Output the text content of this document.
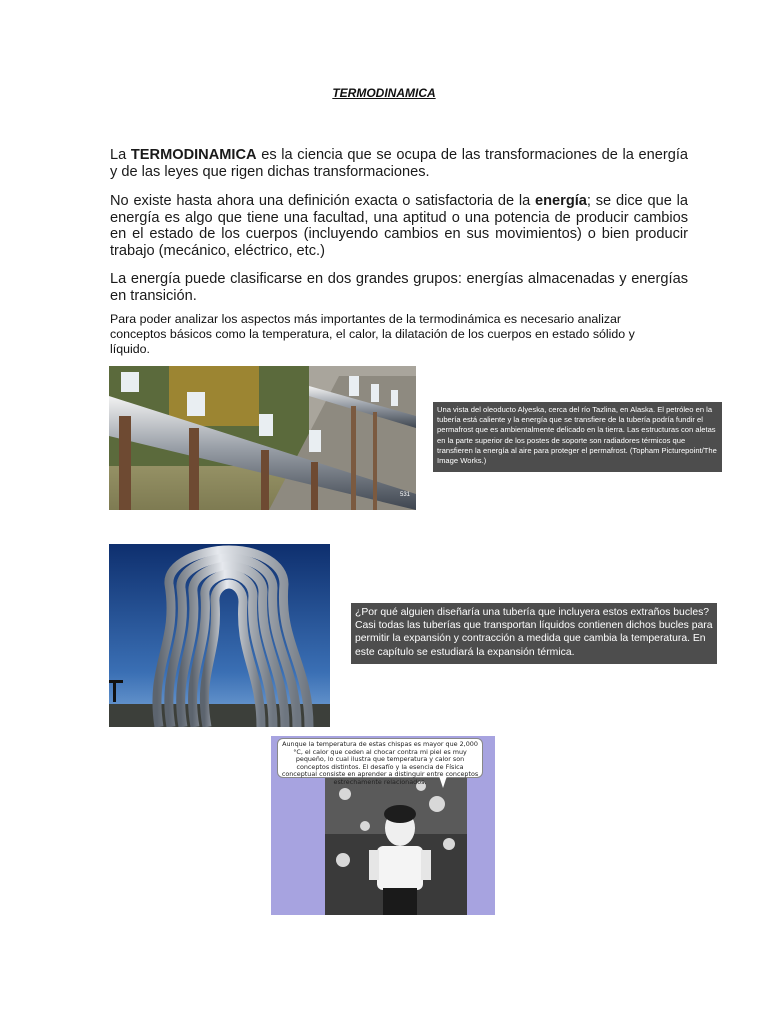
TERMODINAMICA
La TERMODINAMICA es la ciencia que se ocupa de las transformaciones de la energía y de las leyes que rigen dichas transformaciones.
No existe hasta ahora una definición exacta o satisfactoria de la energía; se dice que la energía es algo que tiene una facultad, una aptitud o una potencia de producir cambios en el estado de los cuerpos (incluyendo cambios en sus movimientos) o bien producir trabajo (mecánico, eléctrico, etc.)
La energía puede clasificarse en dos grandes grupos: energías almacenadas y energías en transición.
Para poder analizar los aspectos más importantes de la termodinámica es necesario analizar conceptos básicos como la temperatura, el calor, la dilatación de los cuerpos en estado sólido y líquido.
531
Una vista del oleoducto Alyeska, cerca del río Tazlina, en Alaska. El petróleo en la tubería está caliente y la energía que se transfiere de la tubería podría fundir el permafrost que es ambientalmente delicado en la tierra. Las estructuras con aletas en la parte superior de los postes de soporte son radiadores térmicos que transfieren la energía al aire para proteger el permafrost. (Topham Picturepoint/The Image Works.)
¿Por qué alguien diseñaría una tubería que incluyera estos extraños bucles? Casi todas las tuberías que transportan líquidos contienen dichos bucles para permitir la expansión y contracción a medida que cambia la temperatura. En este capítulo se estudiará la expansión térmica.
Aunque la temperatura de estas chispas es mayor que 2,000 °C, el calor que ceden al chocar contra mi piel es muy pequeño, lo cual ilustra que temperatura y calor son conceptos distintos. El desafío y la esencia de Física conceptual consiste en aprender a distinguir entre conceptos estrechamente relacionados.
